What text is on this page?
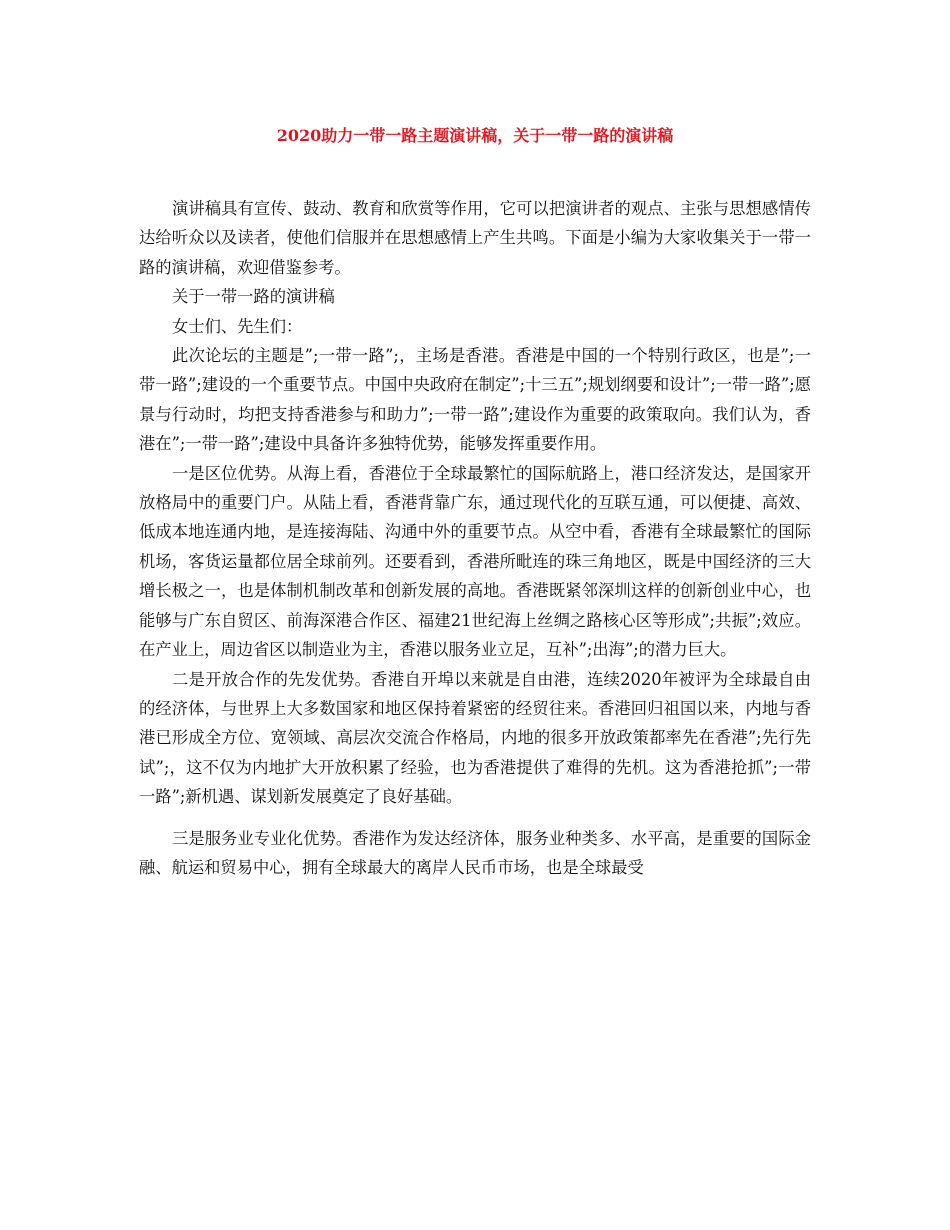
2020助力一带一路主题演讲稿，关于一带一路的演讲稿

演讲稿具有宣传、鼓动、教育和欣赏等作用，它可以把演讲者的观点、主张与思想感情传达给听众以及读者，使他们信服并在思想感情上产生共鸣。下面是小编为大家收集关于一带一路的演讲稿，欢迎借鉴参考。

关于一带一路的演讲稿

女士们、先生们：

此次论坛的主题是”;一带一路”;，主场是香港。香港是中国的一个特别行政区，也是”;一带一路”;建设的一个重要节点。中国中央政府在制定”;十三五”;规划纲要和设计”;一带一路”;愿景与行动时，均把支持香港参与和助力”;一带一路”;建设作为重要的政策取向。我们认为，香港在”;一带一路”;建设中具备许多独特优势，能够发挥重要作用。

一是区位优势。从海上看，香港位于全球最繁忙的国际航路上，港口经济发达，是国家开放格局中的重要门户。从陆上看，香港背靠广东，通过现代化的互联互通，可以便捷、高效、低成本地连通内地，是连接海陆、沟通中外的重要节点。从空中看，香港有全球最繁忙的国际机场，客货运量都位居全球前列。还要看到，香港所毗连的珠三角地区，既是中国经济的三大增长极之一，也是体制机制改革和创新发展的高地。香港既紧邻深圳这样的创新创业中心，也能够与广东自贸区、前海深港合作区、福建21世纪海上丝绸之路核心区等形成”;共振”;效应。在产业上，周边省区以制造业为主，香港以服务业立足，互补”;出海”;的潜力巨大。

二是开放合作的先发优势。香港自开埠以来就是自由港，连续2020年被评为全球最自由的经济体，与世界上大多数国家和地区保持着紧密的经贸往来。香港回归祖国以来，内地与香港已形成全方位、宽领域、高层次交流合作格局，内地的很多开放政策都率先在香港”;先行先试”;，这不仅为内地扩大开放积累了经验，也为香港提供了难得的先机。这为香港抢抓”;一带一路”;新机遇、谋划新发展奠定了良好基础。

三是服务业专业化优势。香港作为发达经济体，服务业种类多、水平高，是重要的国际金融、航运和贸易中心，拥有全球最大的离岸人民币市场，也是全球最受
